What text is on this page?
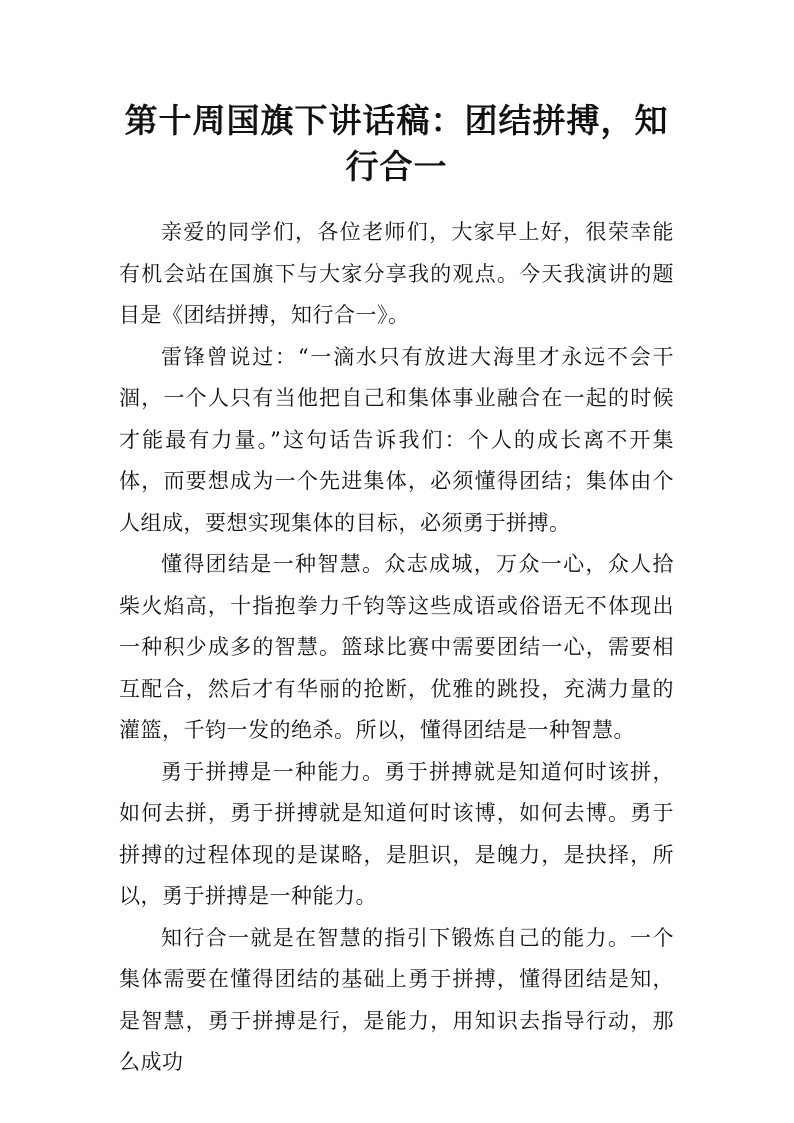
第十周国旗下讲话稿：团结拼搏，知行合一

亲爱的同学们，各位老师们，大家早上好，很荣幸能有机会站在国旗下与大家分享我的观点。今天我演讲的题目是《团结拼搏，知行合一》。

雷锋曾说过：“一滴水只有放进大海里才永远不会干涸，一个人只有当他把自己和集体事业融合在一起的时候才能最有力量。”这句话告诉我们：个人的成长离不开集体，而要想成为一个先进集体，必须懂得团结；集体由个人组成，要想实现集体的目标，必须勇于拼搏。

懂得团结是一种智慧。众志成城，万众一心，众人拾柴火焰高，十指抱拳力千钧等这些成语或俗语无不体现出一种积少成多的智慧。篮球比赛中需要团结一心，需要相互配合，然后才有华丽的抢断，优雅的跳投，充满力量的灌篮，千钧一发的绝杀。所以，懂得团结是一种智慧。

勇于拼搏是一种能力。勇于拼搏就是知道何时该拼，如何去拼，勇于拼搏就是知道何时该博，如何去博。勇于拼搏的过程体现的是谋略，是胆识，是魄力，是抉择，所以，勇于拼搏是一种能力。

知行合一就是在智慧的指引下锻炼自己的能力。一个集体需要在懂得团结的基础上勇于拼搏，懂得团结是知，是智慧，勇于拼搏是行，是能力，用知识去指导行动，那么成功
